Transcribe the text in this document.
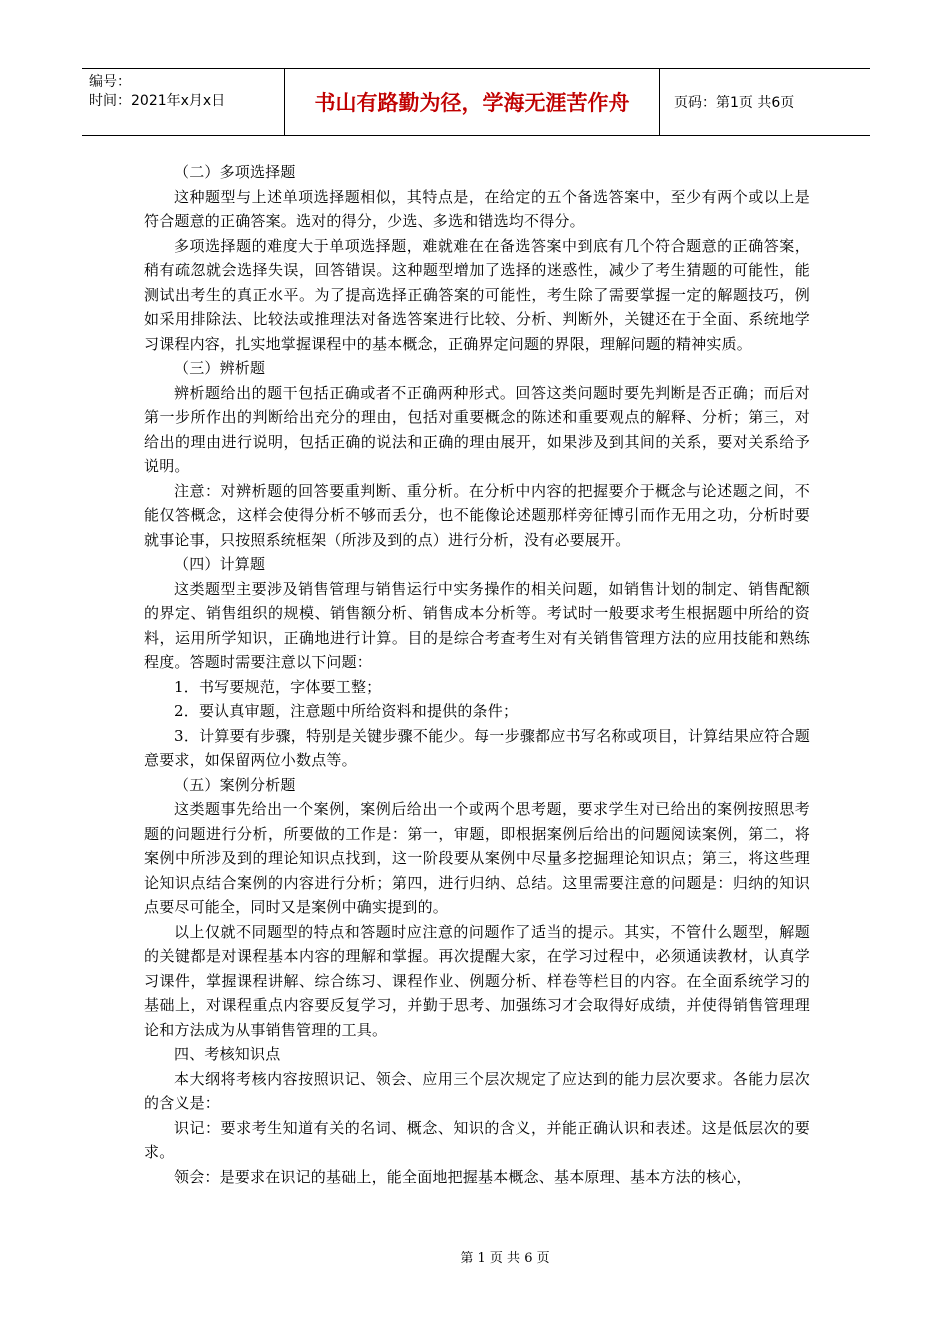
编号：
时间：2021年x月x日	书山有路勤为径，学海无涯苦作舟	页码：第1页 共6页

（二）多项选择题

这种题型与上述单项选择题相似，其特点是，在给定的五个备选答案中，至少有两个或以上是符合题意的正确答案。选对的得分，少选、多选和错选均不得分。

多项选择题的难度大于单项选择题，难就难在在备选答案中到底有几个符合题意的正确答案，稍有疏忽就会选择失误，回答错误。这种题型增加了选择的迷惑性，减少了考生猜题的可能性，能测试出考生的真正水平。为了提高选择正确答案的可能性，考生除了需要掌握一定的解题技巧，例如采用排除法、比较法或推理法对备选答案进行比较、分析、判断外，关键还在于全面、系统地学习课程内容，扎实地掌握课程中的基本概念，正确界定问题的界限，理解问题的精神实质。

（三）辨析题

辨析题给出的题干包括正确或者不正确两种形式。回答这类问题时要先判断是否正确；而后对第一步所作出的判断给出充分的理由，包括对重要概念的陈述和重要观点的解释、分析；第三，对给出的理由进行说明，包括正确的说法和正确的理由展开，如果涉及到其间的关系，要对关系给予说明。

注意：对辨析题的回答要重判断、重分析。在分析中内容的把握要介于概念与论述题之间，不能仅答概念，这样会使得分析不够而丢分，也不能像论述题那样旁征博引而作无用之功，分析时要就事论事，只按照系统框架（所涉及到的点）进行分析，没有必要展开。

（四）计算题

这类题型主要涉及销售管理与销售运行中实务操作的相关问题，如销售计划的制定、销售配额的界定、销售组织的规模、销售额分析、销售成本分析等。考试时一般要求考生根据题中所给的资料，运用所学知识，正确地进行计算。目的是综合考查考生对有关销售管理方法的应用技能和熟练程度。答题时需要注意以下问题：

1．书写要规范，字体要工整；

2．要认真审题，注意题中所给资料和提供的条件；

3．计算要有步骤，特别是关键步骤不能少。每一步骤都应书写名称或项目，计算结果应符合题意要求，如保留两位小数点等。

（五）案例分析题

这类题事先给出一个案例，案例后给出一个或两个思考题，要求学生对已给出的案例按照思考题的问题进行分析，所要做的工作是：第一，审题，即根据案例后给出的问题阅读案例，第二，将案例中所涉及到的理论知识点找到，这一阶段要从案例中尽量多挖掘理论知识点；第三，将这些理论知识点结合案例的内容进行分析；第四，进行归纳、总结。这里需要注意的问题是：归纳的知识点要尽可能全，同时又是案例中确实提到的。

以上仅就不同题型的特点和答题时应注意的问题作了适当的提示。其实，不管什么题型，解题的关键都是对课程基本内容的理解和掌握。再次提醒大家，在学习过程中，必须通读教材，认真学习课件，掌握课程讲解、综合练习、课程作业、例题分析、样卷等栏目的内容。在全面系统学习的基础上，对课程重点内容要反复学习，并勤于思考、加强练习才会取得好成绩，并使得销售管理理论和方法成为从事销售管理的工具。

四、考核知识点

本大纲将考核内容按照识记、领会、应用三个层次规定了应达到的能力层次要求。各能力层次的含义是：

识记：要求考生知道有关的名词、概念、知识的含义，并能正确认识和表述。这是低层次的要求。

领会：是要求在识记的基础上，能全面地把握基本概念、基本原理、基本方法的核心，

第 1 页 共 6 页
